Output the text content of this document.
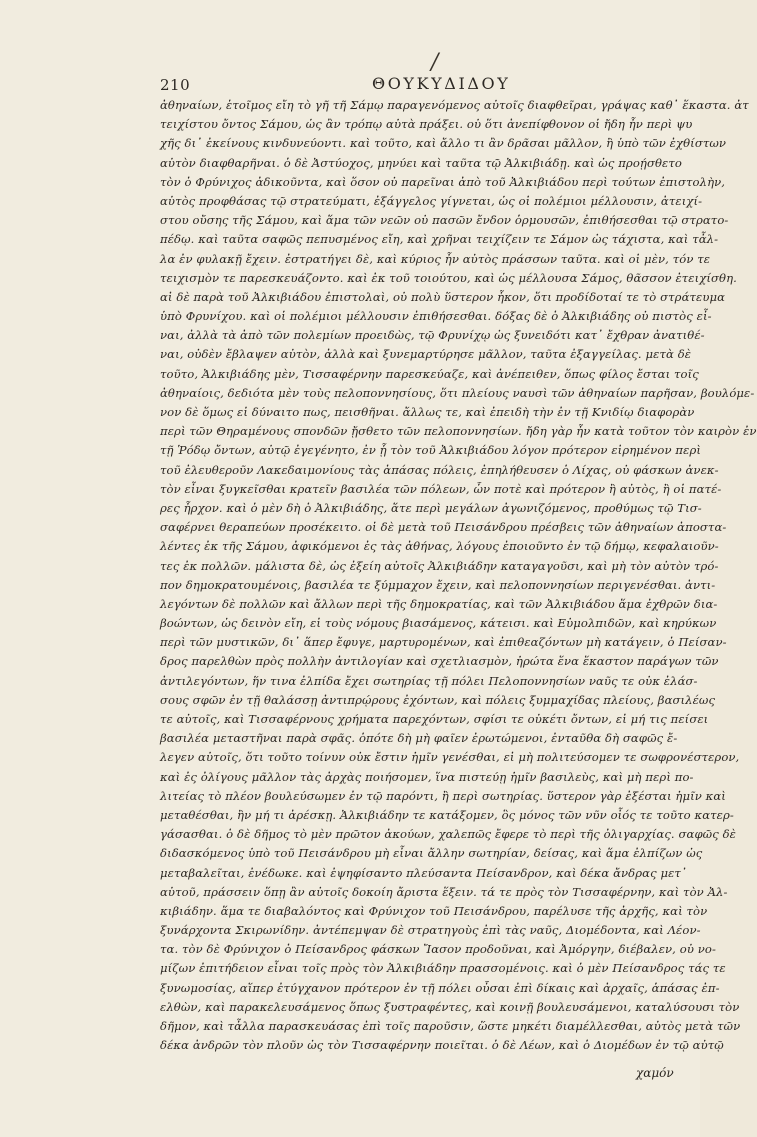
/
210	ΘΟΥΚΥΔΙΔΟΥ
ἀθηναίων, ἑτοῖμος εἴη τὸ γῆ τῆ Σάμῳ παραγενόμενος αὐτοῖς διαφθεῖραι, γράψας καθ᾽ ἕκαστα. ἀτ
τειχίστου ὄντος Σάμου, ὡς ἂν τρόπῳ αὐτὰ πράξει. οὐ ὅτι ἀνεπίφθονον οἱ ἤδη ἦν περὶ ψυ
χῆς δι᾽ ἐκείνους κινδυνεύοντι. καὶ τοῦτο, καὶ ἄλλο τι ἂν δρᾶσαι μᾶλλον, ἢ ὑπὸ τῶν ἐχθίστων
αὐτὸν διαφθαρῆναι. ὁ δὲ Ἀστύοχος, μηνύει καὶ ταῦτα τῷ Ἀλκιβιάδῃ. καὶ ὡς προῄσθετο
τὸν ὁ Φρύνιχος ἀδικοῦντα, καὶ ὅσον οὐ παρεῖναι ἀπὸ τοῦ Ἀλκιβιάδου περὶ τούτων ἐπιστολὴν,
αὐτὸς προφθάσας τῷ στρατεύματι, ἐξάγγελος γίγνεται, ὡς οἱ πολέμιοι μέλλουσιν, ἀτειχί-
στου οὔσης τῆς Σάμου, καὶ ἅμα τῶν νεῶν οὐ πασῶν ἔνδον ὁρμουσῶν, ἐπιθήσεσθαι τῷ στρατο-
πέδῳ. καὶ ταῦτα σαφῶς πεπυσμένος εἴη, καὶ χρῆναι τειχίζειν τε Σάμον ὡς τάχιστα, καὶ τἆλ-
λα ἐν φυλακῇ ἔχειν. ἐστρατήγει δὲ, καὶ κύριος ἦν αὐτὸς πράσσων ταῦτα. καὶ οἱ μὲν, τόν τε
τειχισμὸν τε παρεσκευάζοντο. καὶ ἐκ τοῦ τοιούτου, καὶ ὡς μέλλουσα Σάμος, θᾶσσον ἐτειχίσθη.
αἱ δὲ παρὰ τοῦ Ἀλκιβιάδου ἐπιστολαὶ, οὐ πολὺ ὕστερον ἧκον, ὅτι προδίδοταί τε τὸ στράτευμα
ὑπὸ Φρυνίχου. καὶ οἱ πολέμιοι μέλλουσιν ἐπιθήσεσθαι. δόξας δὲ ὁ Ἀλκιβιάδης οὐ πιστὸς εἶ-
ναι, ἀλλὰ τὰ ἀπὸ τῶν πολεμίων προειδὼς, τῷ Φρυνίχῳ ὡς ξυνειδότι κατ᾽ ἔχθραν ἀνατιθέ-
ναι, οὐδὲν ἔβλαψεν αὐτὸν, ἀλλὰ καὶ ξυνεμαρτύρησε μᾶλλον, ταῦτα ἐξαγγείλας. μετὰ δὲ
τοῦτο, Ἀλκιβιάδης μὲν, Τισσαφέρνην παρεσκεύαζε, καὶ ἀνέπειθεν, ὅπως φίλος ἔσται τοῖς
ἀθηναίοις, δεδιότα μὲν τοὺς πελοποννησίους, ὅτι πλείους ναυσὶ τῶν ἀθηναίων παρῆσαν, βουλόμε-
νον δὲ ὅμως εἰ δύναιτο πως, πεισθῆναι. ἄλλως τε, καὶ ἐπειδὴ τὴν ἐν τῇ Κνιδίῳ διαφορὰν
περὶ τῶν Θηραμένους σπονδῶν ᾔσθετο τῶν πελοποννησίων. ἤδη γὰρ ἦν κατὰ τοῦτον τὸν καιρὸν ἐν
τῇ Ῥόδῳ ὄντων, αὐτῷ ἐγεγένητο, ἐν ᾗ τὸν τοῦ Ἀλκιβιάδου λόγον πρότερον εἰρημένον περὶ
τοῦ ἐλευθεροῦν Λακεδαιμονίους τὰς ἁπάσας πόλεις, ἐπηλήθευσεν ὁ Λίχας, οὐ φάσκων ἀνεκ-
τὸν εἶναι ξυγκεῖσθαι κρατεῖν βασιλέα τῶν πόλεων, ὧν ποτὲ καὶ πρότερον ἢ αὐτὸς, ἢ οἱ πατέ-
ρες ἦρχον. καὶ ὁ μὲν δὴ ὁ Ἀλκιβιάδης, ἅτε περὶ μεγάλων ἀγωνιζόμενος, προθύμως τῷ Τισ-
σαφέρνει θεραπεύων προσέκειτο. οἱ δὲ μετὰ τοῦ Πεισάνδρου πρέσβεις τῶν ἀθηναίων ἀποστα-
λέντες ἐκ τῆς Σάμου, ἀφικόμενοι ἐς τὰς ἀθήνας, λόγους ἐποιοῦντο ἐν τῷ δήμῳ, κεφαλαιοῦν-
τες ἐκ πολλῶν. μάλιστα δὲ, ὡς ἐξείη αὐτοῖς Ἀλκιβιάδην καταγαγοῦσι, καὶ μὴ τὸν αὐτὸν τρό-
πον δημοκρατουμένοις, βασιλέα τε ξύμμαχον ἔχειν, καὶ πελοποννησίων περιγενέσθαι. ἀντι-
λεγόντων δὲ πολλῶν καὶ ἄλλων περὶ τῆς δημοκρατίας, καὶ τῶν Ἀλκιβιάδου ἅμα ἐχθρῶν δια-
βοώντων, ὡς δεινὸν εἴη, εἰ τοὺς νόμους βιασάμενος, κάτεισι. καὶ Εὐμολπιδῶν, καὶ κηρύκων
περὶ τῶν μυστικῶν, δι᾽ ἅπερ ἔφυγε, μαρτυρομένων, καὶ ἐπιθεαζόντων μὴ κατάγειν, ὁ Πείσαν-
δρος παρελθὼν πρὸς πολλὴν ἀντιλογίαν καὶ σχετλιασμὸν, ἠρώτα ἕνα ἕκαστον παράγων τῶν
ἀντιλεγόντων, ἥν τινα ἐλπίδα ἔχει σωτηρίας τῇ πόλει Πελοποννησίων ναῦς τε οὐκ ἐλάσ-
σους σφῶν ἐν τῇ θαλάσσῃ ἀντιπρῴρους ἐχόντων, καὶ πόλεις ξυμμαχίδας πλείους, βασιλέως
τε αὐτοῖς, καὶ Τισσαφέρνους χρήματα παρεχόντων, σφίσι τε οὐκέτι ὄντων, εἰ μή τις πείσει
βασιλέα μεταστῆναι παρὰ σφᾶς. ὁπότε δὴ μὴ φαῖεν ἐρωτώμενοι, ἐνταῦθα δὴ σαφῶς ἔ-
λεγεν αὐτοῖς, ὅτι τοῦτο τοίνυν οὐκ ἔστιν ἡμῖν γενέσθαι, εἰ μὴ πολιτεύσομεν τε σωφρονέστερον,
καὶ ἐς ὀλίγους μᾶλλον τὰς ἀρχὰς ποιήσομεν, ἵνα πιστεύῃ ἡμῖν βασιλεὺς, καὶ μὴ περὶ πο-
λιτείας τὸ πλέον βουλεύσωμεν ἐν τῷ παρόντι, ἢ περὶ σωτηρίας. ὕστερον γὰρ ἐξέσται ἡμῖν καὶ
μεταθέσθαι, ἢν μή τι ἀρέσκῃ. Ἀλκιβιάδην τε κατάξομεν, ὃς μόνος τῶν νῦν οἷός τε τοῦτο κατερ-
γάσασθαι. ὁ δὲ δῆμος τὸ μὲν πρῶτον ἀκούων, χαλεπῶς ἔφερε τὸ περὶ τῆς ὀλιγαρχίας. σαφῶς δὲ
διδασκόμενος ὑπὸ τοῦ Πεισάνδρου μὴ εἶναι ἄλλην σωτηρίαν, δείσας, καὶ ἅμα ἐλπίζων ὡς
μεταβαλεῖται, ἐνέδωκε. καὶ ἐψηφίσαντο πλεύσαντα Πείσανδρον, καὶ δέκα ἄνδρας μετ᾽
αὐτοῦ, πράσσειν ὅπῃ ἂν αὐτοῖς δοκοίη ἄριστα ἕξειν. τά τε πρὸς τὸν Τισσαφέρνην, καὶ τὸν Ἀλ-
κιβιάδην. ἅμα τε διαβαλόντος καὶ Φρύνιχον τοῦ Πεισάνδρου, παρέλυσε τῆς ἀρχῆς, καὶ τὸν
ξυνάρχοντα Σκιρωνίδην. ἀντέπεμψαν δὲ στρατηγοὺς ἐπὶ τὰς ναῦς, Διομέδοντα, καὶ Λέον-
τα. τὸν δὲ Φρύνιχον ὁ Πείσανδρος φάσκων Ἴασον προδοῦναι, καὶ Ἀμόργην, διέβαλεν, οὐ νο-
μίζων ἐπιτήδειον εἶναι τοῖς πρὸς τὸν Ἀλκιβιάδην πρασσομένοις. καὶ ὁ μὲν Πείσανδρος τάς τε
ξυνωμοσίας, αἵπερ ἐτύγχανον πρότερον ἐν τῇ πόλει οὖσαι ἐπὶ δίκαις καὶ ἀρχαῖς, ἁπάσας ἐπ-
ελθὼν, καὶ παρακελευσάμενος ὅπως ξυστραφέντες, καὶ κοινῇ βουλευσάμενοι, καταλύσουσι τὸν
δῆμον, καὶ τἆλλα παρασκευάσας ἐπὶ τοῖς παροῦσιν, ὥστε μηκέτι διαμέλλεσθαι, αὐτὸς μετὰ τῶν
δέκα ἀνδρῶν τὸν πλοῦν ὡς τὸν Τισσαφέρνην ποιεῖται. ὁ δὲ Λέων, καὶ ὁ Διομέδων ἐν τῷ αὐτῷ
χαμόν
